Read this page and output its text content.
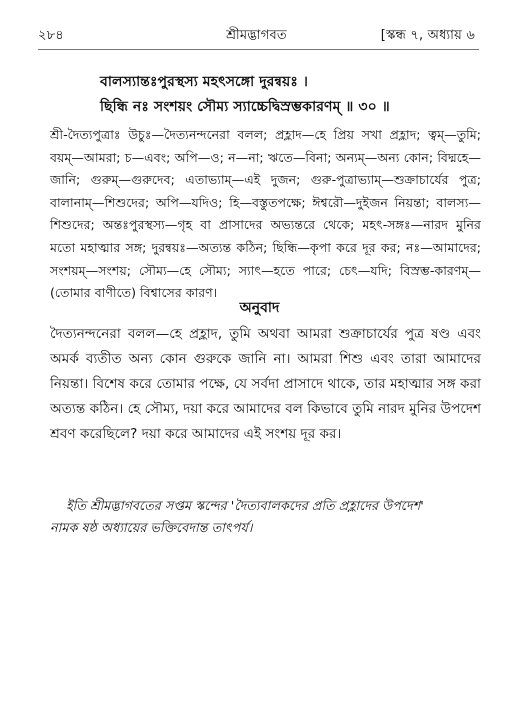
২৮৪	শ্রীমদ্ভাগবত	[স্কন্ধ ৭, অধ্যায় ৬
বালস্যান্তঃপুরস্থস্য মহৎসঙ্গো দুরন্বয়ঃ ।
ছিন্ধি নঃ সংশয়ং সৌম্য স্যাচ্চেদ্বিস্রম্ভকারণম্ ॥ ৩০ ॥
শ্রী-দৈত্যপুত্রাঃ উচুঃ—দৈত্যনন্দনেরা বলল; প্রহ্লাদ—হে প্রিয় সখা প্রহ্লাদ; ত্বম্—তুমি; বয়ম্—আমরা; চ—এবং; অপি—ও; ন—না; ঋতে—বিনা; অন্যম্—অন্য কোন; বিদ্মহে—জানি; গুরুম্—গুরুদেব; এতাভ্যাম্—এই দুজন; গুরু-পুত্রাভ্যাম্—শুক্রাচার্যের পুত্র; বালানাম্—শিশুদের; অপি—যদিও; হি—বস্তুতপক্ষে; ঈশ্বরৌ—দুইজন নিয়ন্তা; বালস্য—শিশুদের; অন্তঃপুরস্থস্য—গৃহ বা প্রাসাদের অভ্যন্তরে থেকে; মহৎ-সঙ্গঃ—নারদ মুনির মতো মহাত্মার সঙ্গ; দুরন্বয়ঃ—অত্যন্ত কঠিন; ছিন্ধি—কৃপা করে দূর কর; নঃ—আমাদের; সংশয়ম্—সংশয়; সৌম্য—হে সৌম্য; স্যাৎ—হতে পারে; চেৎ—যদি; বিস্রম্ভ-কারণম্—(তোমার বাণীতে) বিশ্বাসের কারণ।
অনুবাদ
দৈত্যনন্দনেরা বলল—হে প্রহ্লাদ, তুমি অথবা আমরা শুক্রাচার্যের পুত্র ষণ্ড এবং অমর্ক ব্যতীত অন্য কোন গুরুকে জানি না। আমরা শিশু এবং তারা আমাদের নিয়ন্তা। বিশেষ করে তোমার পক্ষে, যে সর্বদা প্রাসাদে থাকে, তার মহাত্মার সঙ্গ করা অত্যন্ত কঠিন। হে সৌম্য, দয়া করে আমাদের বল কিভাবে তুমি নারদ মুনির উপদেশ শ্রবণ করেছিলে? দয়া করে আমাদের এই সংশয় দূর কর।
ইতি শ্রীমদ্ভাগবতের সপ্তম স্কন্দের 'দৈত্যবালকদের প্রতি প্রহ্লাদের উপদেশ'
নামক ষষ্ঠ অধ্যায়ের ভক্তিবেদান্ত তাৎপর্য।
